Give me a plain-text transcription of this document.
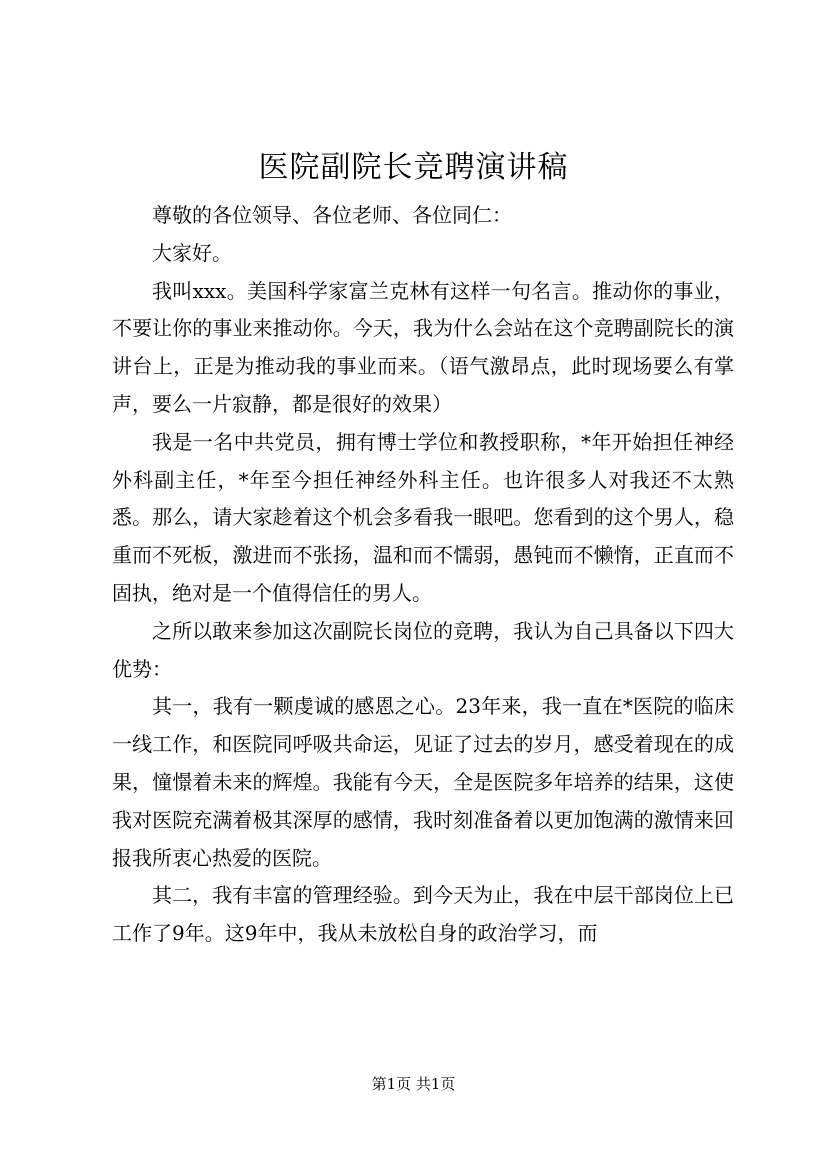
医院副院长竞聘演讲稿

尊敬的各位领导、各位老师、各位同仁：

大家好。

我叫xxx。美国科学家富兰克林有这样一句名言。推动你的事业，不要让你的事业来推动你。今天，我为什么会站在这个竞聘副院长的演讲台上，正是为推动我的事业而来。（语气激昂点，此时现场要么有掌声，要么一片寂静，都是很好的效果）

我是一名中共党员，拥有博士学位和教授职称，*年开始担任神经外科副主任，*年至今担任神经外科主任。也许很多人对我还不太熟悉。那么，请大家趁着这个机会多看我一眼吧。您看到的这个男人，稳重而不死板，激进而不张扬，温和而不懦弱，愚钝而不懒惰，正直而不固执，绝对是一个值得信任的男人。

之所以敢来参加这次副院长岗位的竞聘，我认为自己具备以下四大优势：

其一，我有一颗虔诚的感恩之心。23年来，我一直在*医院的临床一线工作，和医院同呼吸共命运，见证了过去的岁月，感受着现在的成果，憧憬着未来的辉煌。我能有今天，全是医院多年培养的结果，这使我对医院充满着极其深厚的感情，我时刻准备着以更加饱满的激情来回报我所衷心热爱的医院。

其二，我有丰富的管理经验。到今天为止，我在中层干部岗位上已工作了9年。这9年中，我从未放松自身的政治学习，而

第1页 共1页
